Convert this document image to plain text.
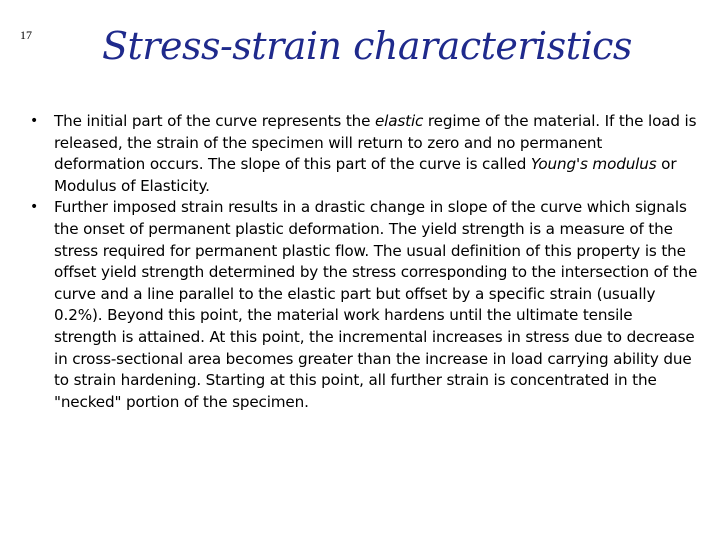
17 Stress-strain characteristics
• The initial part of the curve represents the elastic regime of the material. If the load is released, the strain of the specimen will return to zero and no permanent deformation occurs. The slope of this part of the curve is called Young's modulus or Modulus of Elasticity.
• Further imposed strain results in a drastic change in slope of the curve which signals the onset of permanent plastic deformation. The yield strength is a measure of the stress required for permanent plastic flow. The usual definition of this property is the offset yield strength determined by the stress corresponding to the intersection of the curve and a line parallel to the elastic part but offset by a specific strain (usually 0.2%). Beyond this point, the material work hardens until the ultimate tensile strength is attained. At this point, the incremental increases in stress due to decrease in cross-sectional area becomes greater than the increase in load carrying ability due to strain hardening. Starting at this point, all further strain is concentrated in the "necked" portion of the specimen.
